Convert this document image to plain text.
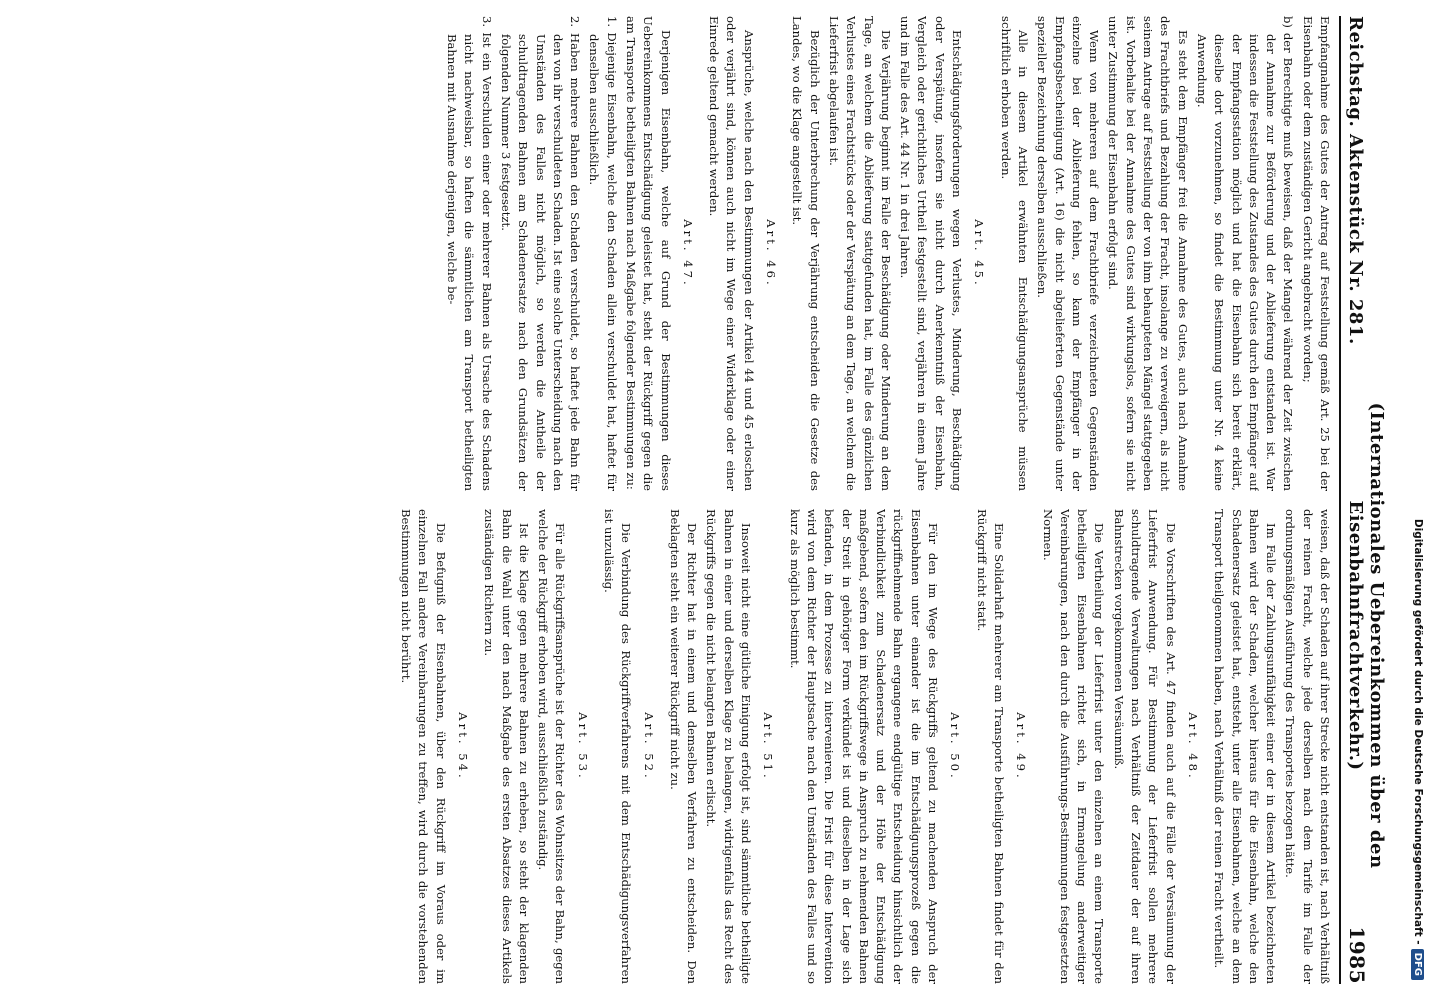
Reichstag. Aktenstück Nr. 281.
(Internationales Uebereinkommen über den Eisenbahnfrachtverkehr.)
1985

Empfangnahme des Gutes der Antrag auf Feststellung gemäß Art. 25 bei der Eisenbahn oder dem zuständigen Gericht angebracht worden;

b) der Berechtigte muß beweisen, daß der Mangel während der Zeit zwischen der Annahme zur Beförderung und der Ablieferung entstanden ist. War indessen die Feststellung des Zustandes des Gutes durch den Empfänger auf der Empfangsstation möglich und hat die Eisenbahn sich bereit erklärt, dieselbe dort vorzunehmen, so findet die Bestimmung unter Nr. 4 keine Anwendung.

Es steht dem Empfänger frei die Annahme des Gutes, auch nach Annahme des Frachtbriefs und Bezahlung der Fracht, insolange zu verweigern, als nicht seinem Antrage auf Feststellung der von ihm behaupteten Mängel stattgegeben ist. Vorbehalte bei der Annahme des Gutes sind wirkungslos, sofern sie nicht unter Zustimmung der Eisenbahn erfolgt sind.

Wenn von mehreren auf dem Frachtbriefe verzeichneten Gegenständen einzelne bei der Ablieferung fehlen, so kann der Empfänger in der Empfangsbescheinigung (Art. 16) die nicht abgelieferten Gegenstände unter spezieller Bezeichnung derselben ausschließen.

Alle in diesem Artikel erwähnten Entschädigungsansprüche müssen schriftlich erhoben werden.

Art. 45.

Entschädigungsforderungen wegen Verlustes, Minderung, Beschädigung oder Verspätung, insofern sie nicht durch Anerkenntniß der Eisenbahn, Vergleich oder gerichtliches Urtheil festgestellt sind, verjähren in einem Jahre und im Falle des Art. 44 Nr. 1 in drei Jahren.

Die Verjährung beginnt im Falle der Beschädigung oder Minderung an dem Tage, an welchem die Ablieferung stattgefunden hat, im Falle des gänzlichen Verlustes eines Frachtstücks oder der Verspätung an dem Tage, an welchem die Lieferfrist abgelaufen ist.

Bezüglich der Unterbrechung der Verjährung entscheiden die Gesetze des Landes, wo die Klage angestellt ist.

Art. 46.

Ansprüche, welche nach den Bestimmungen der Artikel 44 und 45 erloschen oder verjährt sind, können auch nicht im Wege einer Widerklage oder einer Einrede geltend gemacht werden.

Art. 47.

Derjenigen Eisenbahn, welche auf Grund der Bestimmungen dieses Uebereinkommens Entschädigung geleistet hat, steht der Rückgriff gegen die am Transporte betheiligten Bahnen nach Maßgabe folgender Bestimmungen zu:

1. Diejenige Eisenbahn, welche den Schaden allein verschuldet hat, haftet für denselben ausschließlich.

2. Haben mehrere Bahnen den Schaden verschuldet, so haftet jede Bahn für den von ihr verschuldeten Schaden. Ist eine solche Unterscheidung nach den Umständen des Falles nicht möglich, so werden die Antheile der schuldtragenden Bahnen am Schadenersatze nach den Grundsätzen der folgenden Nummer 3 festgesetzt.

3. Ist ein Verschulden einer oder mehrerer Bahnen als Ursache des Schadens nicht nachweisbar, so haften die sämmtlichen am Transport betheiligten Bahnen mit Ausnahme derjenigen, welche be-

weisen, daß der Schaden auf ihrer Strecke nicht entstanden ist, nach Verhältniß der reinen Fracht, welche jede derselben nach dem Tarife im Falle der ordnungsmäßigen Ausführung des Transportes bezogen hätte.

Im Falle der Zahlungsunfähigkeit einer der in diesem Artikel bezeichneten Bahnen wird der Schaden, welcher hieraus für die Eisenbahn, welche den Schadenersatz geleistet hat, entsteht, unter alle Eisenbahnen, welche an dem Transport theilgenommen haben, nach Verhältniß der reinen Fracht vertheilt.

Art. 48.

Die Vorschriften des Art. 47 finden auch auf die Fälle der Versäumung der Lieferfrist Anwendung. Für Bestimmung der Lieferfrist sollen mehrere schuldtragende Verwaltungen nach Verhältniß der Zeitdauer der auf ihren Bahnstrecken vorgekommenen Versäumniß.

Die Vertheilung der Lieferfrist unter den einzelnen an einem Transporte betheiligten Eisenbahnen richtet sich, in Ermangelung anderweitiger Vereinbarungen, nach den durch die Ausführungs-Bestimmungen festgesetzten Normen.

Art. 49.

Eine Solidarhaft mehrerer am Transporte betheiligten Bahnen findet für den Rückgriff nicht statt.

Art. 50.

Für den im Wege des Rückgriffs geltend zu machenden Anspruch der Eisenbahnen unter einander ist die im Entschädigungsprozeß gegen die rückgriffnehmende Bahn ergangene endgültige Entscheidung hinsichtlich der Verbindlichkeit zum Schadenersatz und der Höhe der Entschädigung maßgebend, sofern den im Rückgriffswege in Anspruch zu nehmenden Bahnen der Streit in gehöriger Form verkündet ist und dieselben in der Lage sich befanden, in dem Prozesse zu intervenieren. Die Frist für diese Intervention wird von dem Richter der Hauptsache nach den Umständen des Falles und so kurz als möglich bestimmt.

Art. 51.

Insoweit nicht eine gütliche Einigung erfolgt ist, sind sämmtliche betheiligte Bahnen in einer und derselben Klage zu belangen, widrigenfalls das Recht des Rückgriffs gegen die nicht belangten Bahnen erlischt.

Der Richter hat in einem und demselben Verfahren zu entscheiden. Den Beklagten steht ein weiterer Rückgriff nicht zu.

Art. 52.

Die Verbindung des Rückgriffverfahrens mit dem Entschädigungsverfahren ist unzulässig.

Art. 53.

Für alle Rückgriffsansprüche ist der Richter des Wohnsitzes der Bahn, gegen welche der Rückgriff erhoben wird, ausschließlich zuständig.

Ist die Klage gegen mehrere Bahnen zu erheben, so steht der klagenden Bahn die Wahl unter den nach Maßgabe des ersten Absatzes dieses Artikels zuständigen Richtern zu.

Art. 54.

Die Befugniß der Eisenbahnen, über den Rückgriff im Voraus oder im einzelnen Fall andere Vereinbarungen zu treffen, wird durch die vorstehenden Bestimmungen nicht berührt.	Digitalisierung gefördert durch die Deutsche Forschungsgemeinschaft -
DFG
